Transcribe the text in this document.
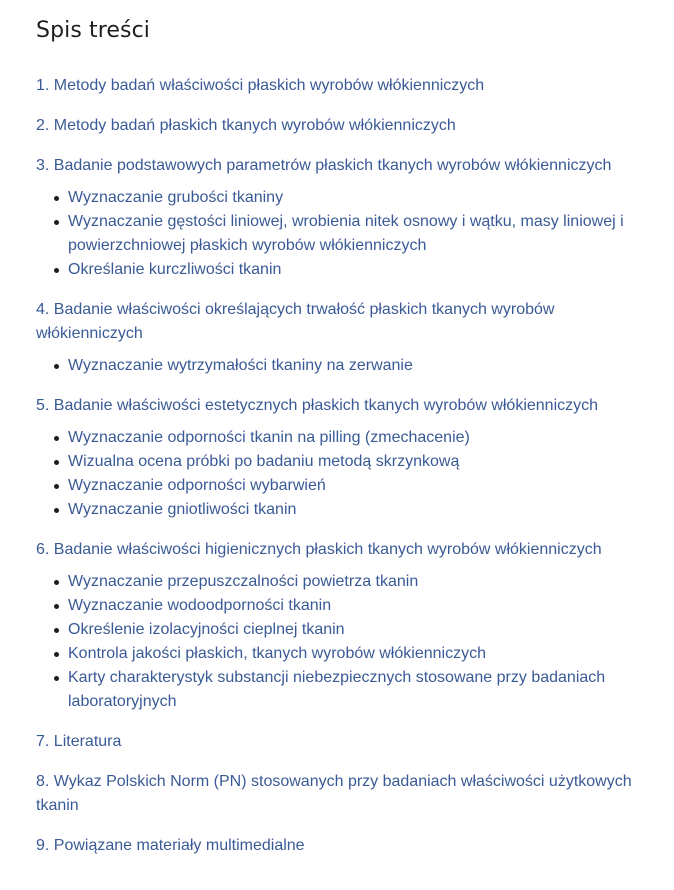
Spis treści
1. Metody badań właściwości płaskich wyrobów włókienniczych
2. Metody badań płaskich tkanych wyrobów włókienniczych
3. Badanie podstawowych parametrów płaskich tkanych wyrobów włókienniczych
Wyznaczanie grubości tkaniny
Wyznaczanie gęstości liniowej, wrobienia nitek osnowy i wątku, masy liniowej i powierzchniowej płaskich wyrobów włókienniczych
Określanie kurczliwości tkanin
4. Badanie właściwości określających trwałość płaskich tkanych wyrobów włókienniczych
Wyznaczanie wytrzymałości tkaniny na zerwanie
5. Badanie właściwości estetycznych płaskich tkanych wyrobów włókienniczych
Wyznaczanie odporności tkanin na pilling (zmechacenie)
Wizualna ocena próbki po badaniu metodą skrzynkową
Wyznaczanie odporności wybarwień
Wyznaczanie gniotliwości tkanin
6. Badanie właściwości higienicznych płaskich tkanych wyrobów włókienniczych
Wyznaczanie przepuszczalności powietrza tkanin
Wyznaczanie wodoodporności tkanin
Określenie izolacyjności cieplnej tkanin
Kontrola jakości płaskich, tkanych wyrobów włókienniczych
Karty charakterystyk substancji niebezpiecznych stosowane przy badaniach laboratoryjnych
7. Literatura
8. Wykaz Polskich Norm (PN) stosowanych przy badaniach właściwości użytkowych tkanin
9. Powiązane materiały multimedialne
